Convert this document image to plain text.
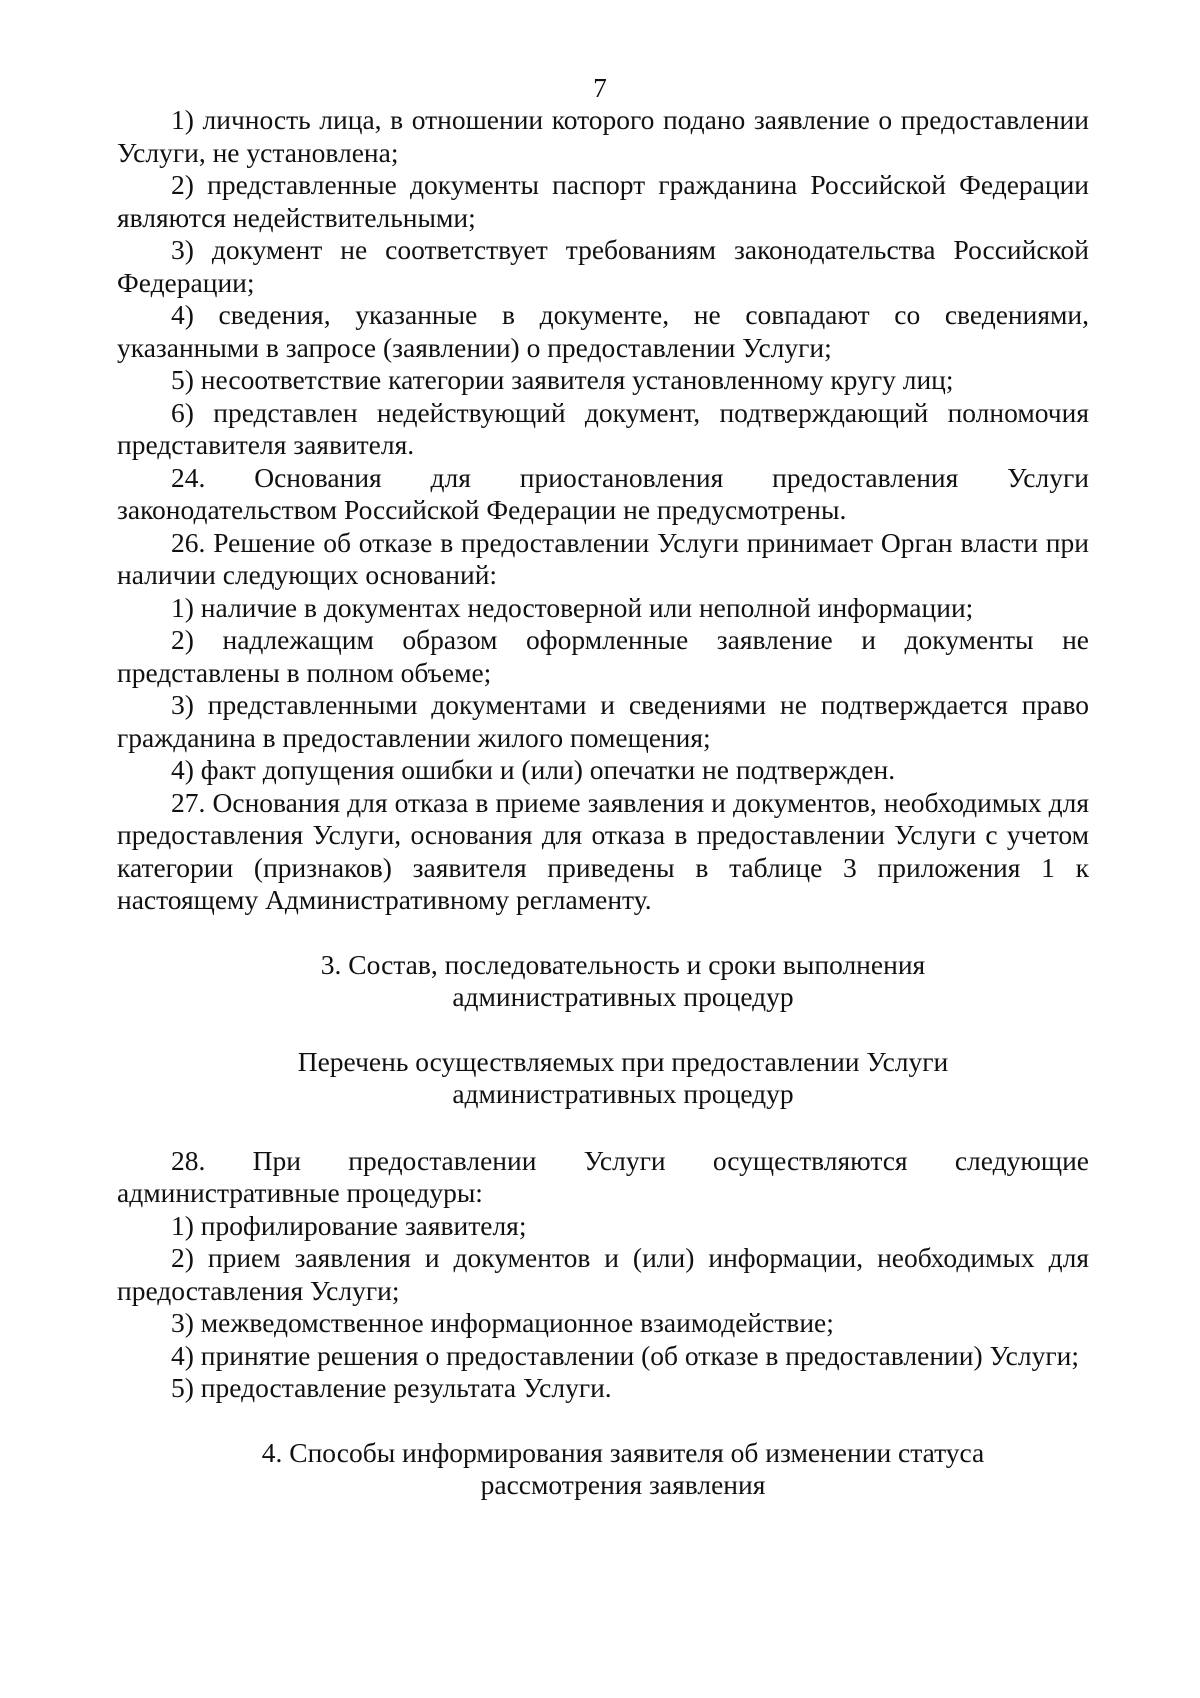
7

1) личность лица, в отношении которого подано заявление о предоставлении Услуги, не установлена;

2) представленные документы паспорт гражданина Российской Федерации являются недействительными;

3) документ не соответствует требованиям законодательства Российской Федерации;

4) сведения, указанные в документе, не совпадают со сведениями, указанными в запросе (заявлении) о предоставлении Услуги;

5) несоответствие категории заявителя установленному кругу лиц;

6) представлен недействующий документ, подтверждающий полномочия представителя заявителя.

24. Основания для приостановления предоставления Услуги законодательством Российской Федерации не предусмотрены.

26. Решение об отказе в предоставлении Услуги принимает Орган власти при наличии следующих оснований:

1) наличие в документах недостоверной или неполной информации;

2) надлежащим образом оформленные заявление и документы не представлены в полном объеме;

3) представленными документами и сведениями не подтверждается право гражданина в предоставлении жилого помещения;

4) факт допущения ошибки и (или) опечатки не подтвержден.

27. Основания для отказа в приеме заявления и документов, необходимых для предоставления Услуги, основания для отказа в предоставлении Услуги с учетом категории (признаков) заявителя приведены в таблице 3 приложения 1 к настоящему Административному регламенту.

3. Состав, последовательность и сроки выполнения
административных процедур

Перечень осуществляемых при предоставлении Услуги
административных процедур

28. При предоставлении Услуги осуществляются следующие административные процедуры:

1) профилирование заявителя;

2) прием заявления и документов и (или) информации, необходимых для предоставления Услуги;

3) межведомственное информационное взаимодействие;

4) принятие решения о предоставлении (об отказе в предоставлении) Услуги;

5) предоставление результата Услуги.

4. Способы информирования заявителя об изменении статуса
рассмотрения заявления
